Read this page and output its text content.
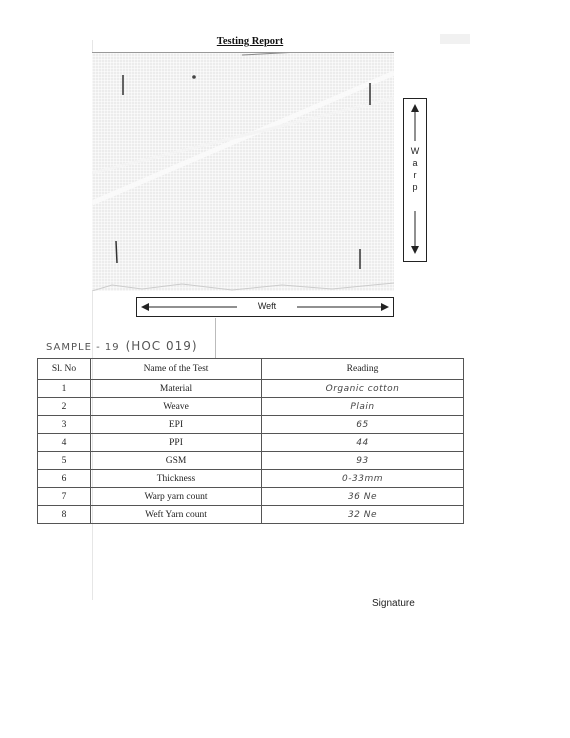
Testing Report
W
a
r
p
Weft
SAMPLE - 19 (HOC 019)
Sl. No	Name of the Test	Reading
1	Material	Organic cotton
2	Weave	Plain
3	EPI	65
4	PPI	44
5	GSM	93
6	Thickness	0-33mm
7	Warp yarn count	36 Ne
8	Weft Yarn count	32 Ne
Signature
